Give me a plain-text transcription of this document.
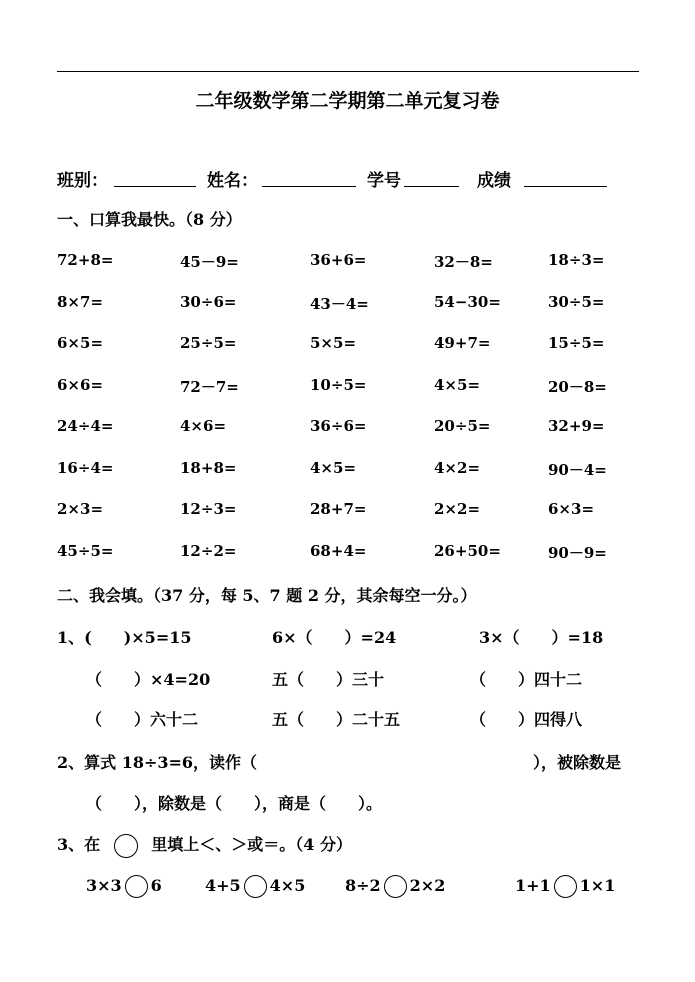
二年级数学第二学期第二单元复习卷
班别：	姓名：	学号	成绩
一、口算我最快。（8 分）
72+8=	45－9=	36+6=	32－8=	18÷3=
8×7=	30÷6=	43－4=	54−30=	30÷5=
6×5=	25÷5=	5×5=	49+7=	15÷5=
6×6=	72－7=	10÷5=	4×5=	20－8=
24÷4=	4×6=	36÷6=	20÷5=	32+9=
16÷4=	18+8=	4×5=	4×2=	90－4=
2×3=	12÷3=	28+7=	2×2=	6×3=
45÷5=	12÷2=	68+4=	26+50=	90－9=
二、我会填。（37 分，每 5、7 题 2 分，其余每空一分。）
1、(　　)×5=15	6×（　　）=24	3×（　　）=18
（　　）×4=20	五（　　）三十	（　　）四十二
（　　）六十二	五（　　）二十五	（　　）四得八
2、算式 18÷3=6，读作（	），被除数是
（　　），除数是（　　），商是（　　）。
3、在	里填上＜、＞或＝。（4 分）
3×3 6	4+5 4×5 8÷2 2×2	1+1 1×1
